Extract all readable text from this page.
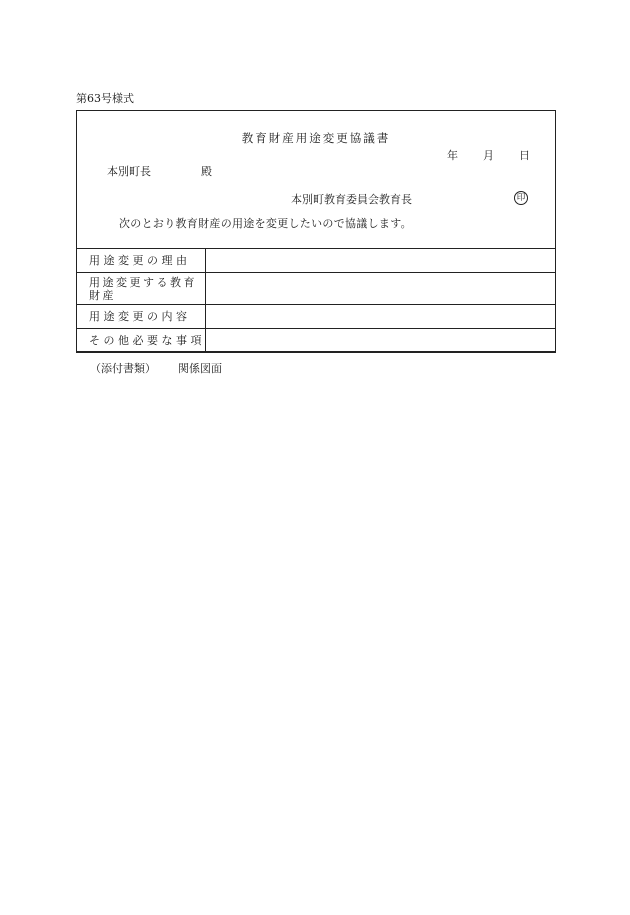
第63号様式
教育財産用途変更協議書
年 月 日
本別町長	殿
本別町教育委員会教育長	印
次のとおり教育財産の用途を変更したいので協議します。
用途変更の理由	
用途変更する教育財産	
用途変更の内容	
その他必要な事項	
（添付書類） 関係図面
